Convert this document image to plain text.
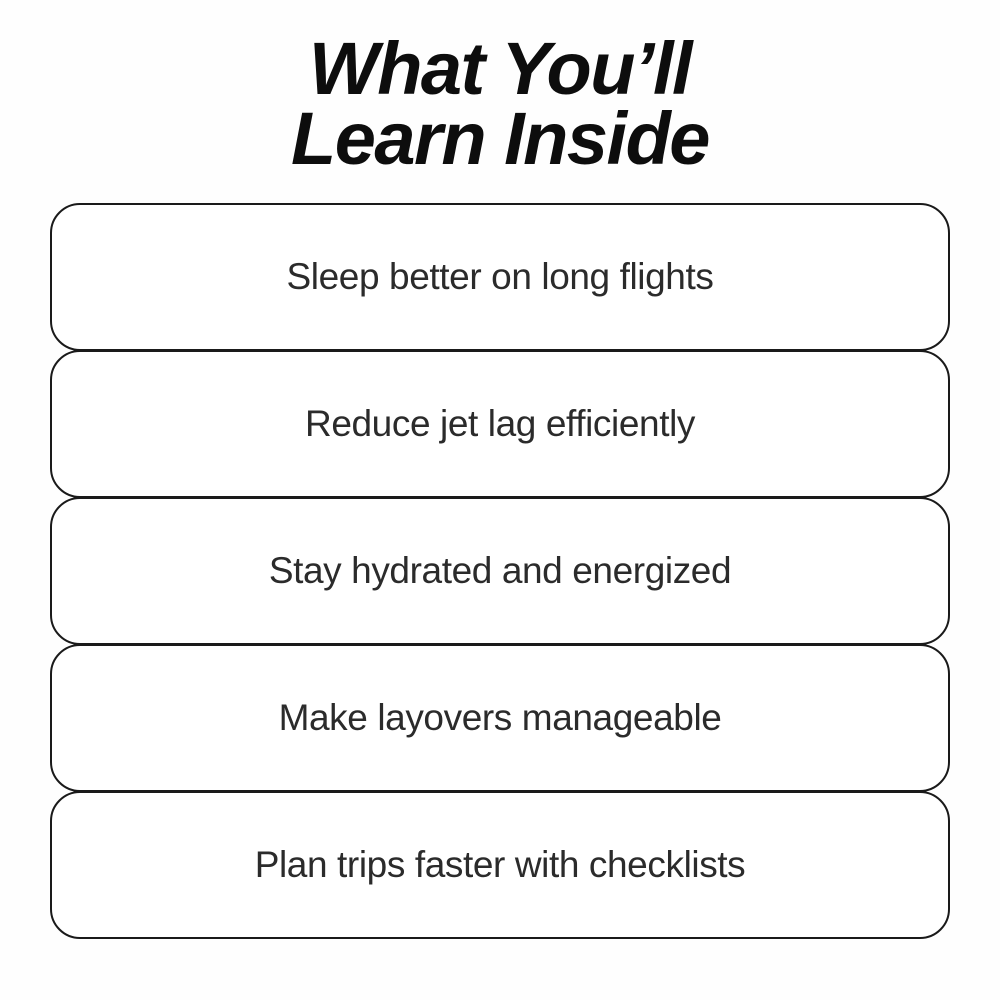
What You’ll
Learn Inside
Sleep better on long flights
Reduce jet lag efficiently
Stay hydrated and energized
Make layovers manageable
Plan trips faster with checklists
